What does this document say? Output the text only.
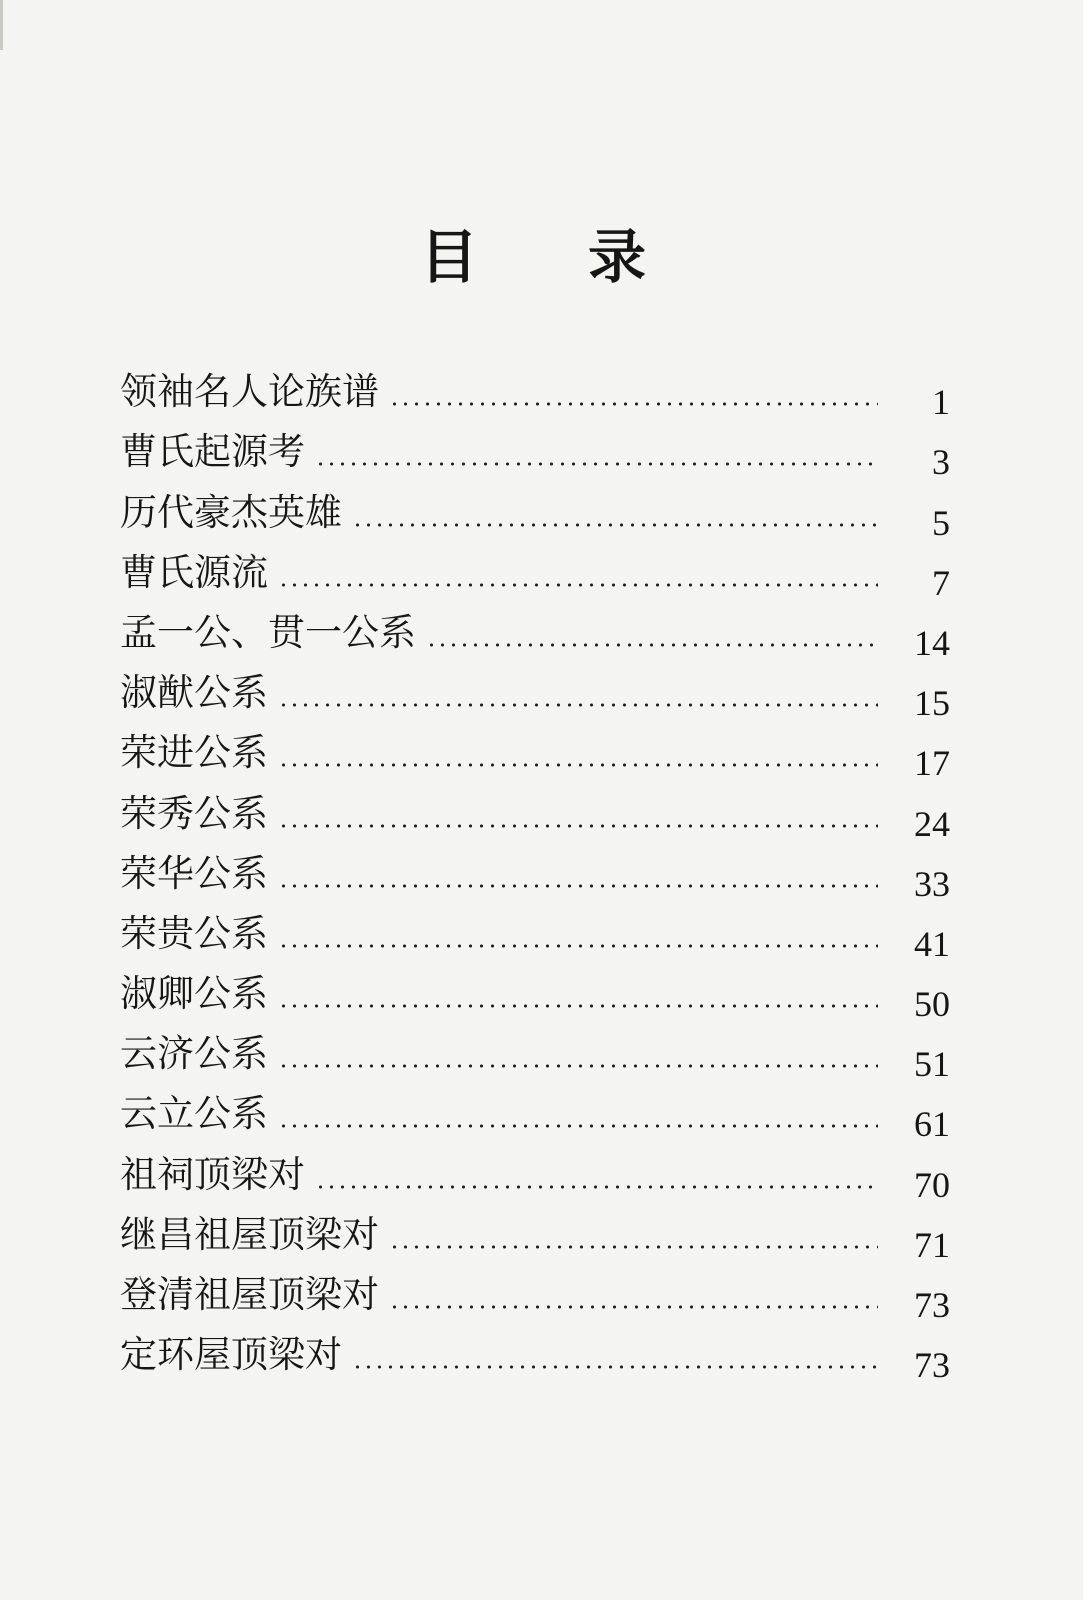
目 录
领袖名人论族谱	1
曹氏起源考	3
历代豪杰英雄	5
曹氏源流	7
孟一公、贯一公系	14
淑猷公系	15
荣进公系	17
荣秀公系	24
荣华公系	33
荣贵公系	41
淑卿公系	50
云济公系	51
云立公系	61
祖祠顶梁对	70
继昌祖屋顶梁对	71
登清祖屋顶梁对	73
定环屋顶梁对	73
